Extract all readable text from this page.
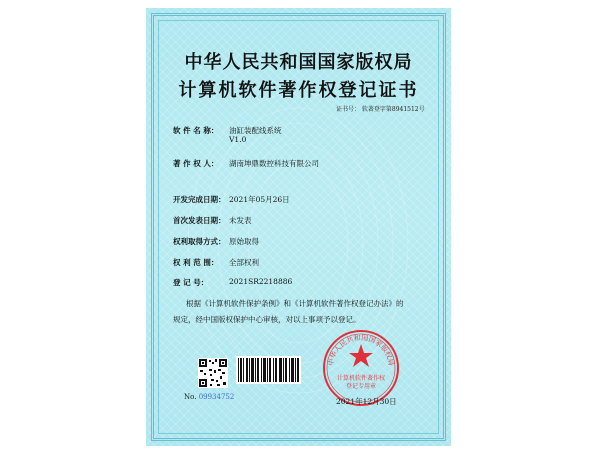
中华人民共和国国家版权局
计算机软件著作权登记证书
证书号： 软著登字第8941512号
软 件 名 称： 油缸装配线系统
V1.0
著 作 权 人： 湖南坤鼎数控科技有限公司
开发完成日期： 2021年05月26日
首次发表日期： 未发表
权利取得方式： 原始取得
权 利 范 围： 全部权利
登 记 号：	2021SR2218886
根据《计算机软件保护条例》和《计算机软件著作权登记办法》的
规定，经中国版权保护中心审核，对以上事项予以登记。
No. 09934752
计算机软件著作权
登记专用章
中华人民共和国国家版权局
2021年12月30日
